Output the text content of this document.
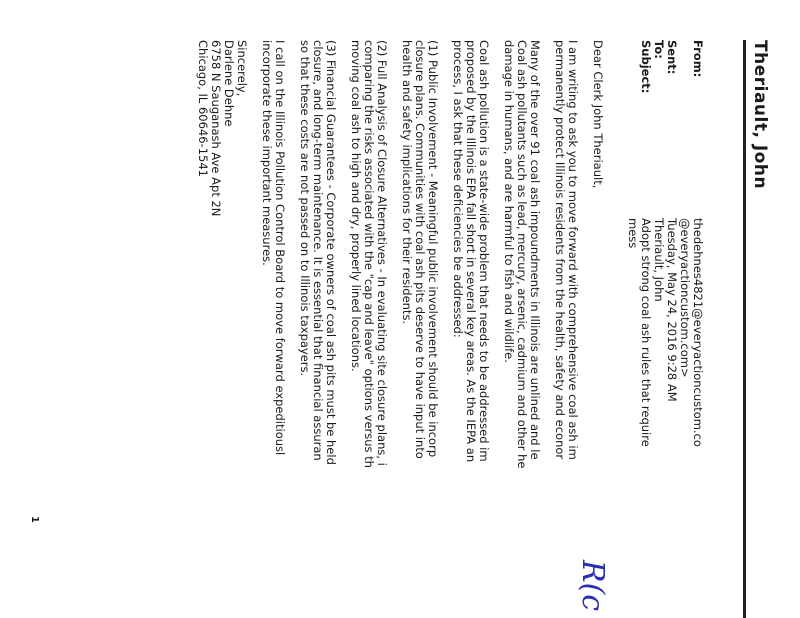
Theriault, John
From:
thedehnes4821@everyactioncustom.co
@everyactioncustom.com>
Sent:
Tuesday, May 24, 2016 9:28 AM
To:
Theriault, John
Subject:
Adopt strong coal ash rules that require
mess
R(c

Dear Clerk John Theriault,

I am writing to ask you to move forward with comprehensive coal ash im
permanently protect Illinois residents from the health, safety and econor

Many of the over 91 coal ash impoundments in Illinois are unlined and le
Coal ash pollutants such as lead, mercury, arsenic, cadmium and other he
damage in humans, and are harmful to fish and wildlife.

Coal ash pollution is a state-wide problem that needs to be addressed im
proposed by the Illinois EPA fall short in several key areas. As the IEPA an
process, I ask that these deficiencies be addressed:

(1) Public Involvement - Meaningful public involvement should be incorp
closure plans. Communities with coal ash pits deserve to have input into
health and safety implications for their residents.

(2) Full Analysis of Closure Alternatives - In evaluating site closure plans, i
comparing the risks associated with the "cap and leave" options versus th
moving coal ash to high and dry, properly lined locations.

(3) Financial Guarantees - Corporate owners of coal ash pits must be held
closure, and long-term maintenance. It is essential that financial assuran
so that these costs are not passed on to Illinois taxpayers.

I call on the Illinois Pollution Control Board to move forward expeditiousl
incorporate these important measures.

Sincerely,
Darlene Dehne
6758 N Sauganash Ave Apt 2N
Chicago, IL 60646-1541

1
